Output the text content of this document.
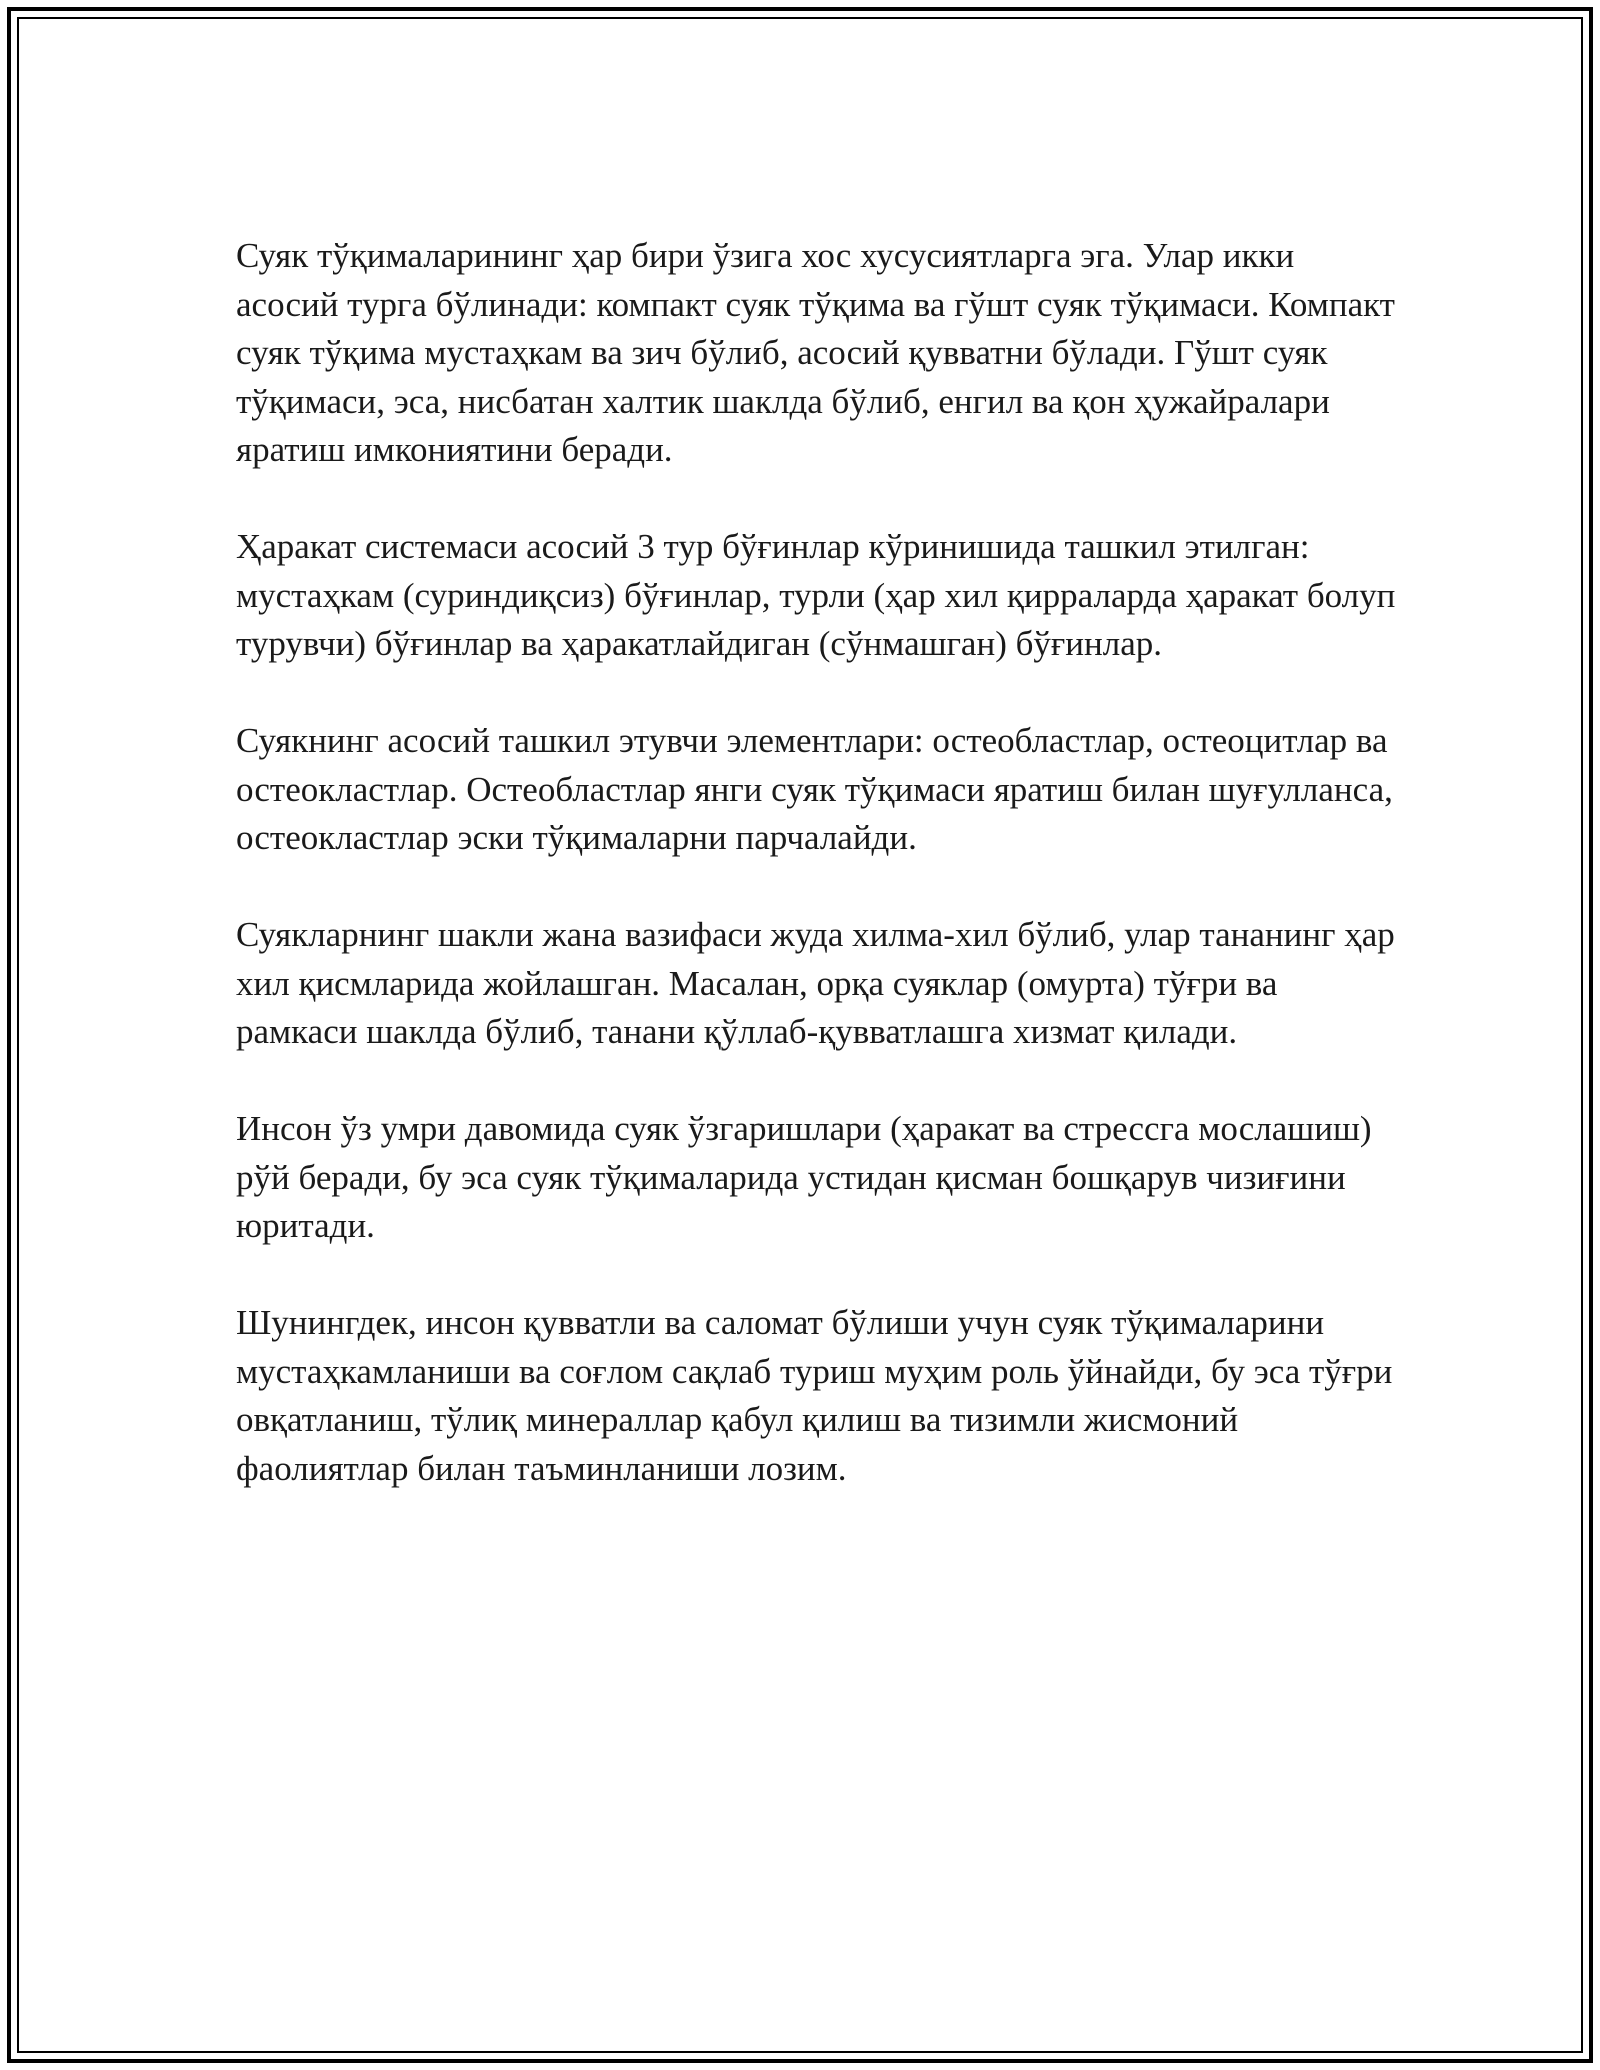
Суяк тўқималарининг ҳар бири ўзига хос хусусиятларга эга. Улар икки асосий турга бўлинади: компакт суяк тўқима ва гўшт суяк тўқимаси. Компакт суяк тўқима мустаҳкам ва зич бўлиб, асосий қувватни бўлади. Гўшт суяк тўқимаси, эса, нисбатан халтик шаклда бўлиб, енгил ва қон ҳужайралари яратиш имкониятини беради.

Ҳаракат системаси асосий 3 тур бўғинлар кўринишида ташкил этилган: мустаҳкам (суриндиқсиз) бўғинлар, турли (ҳар хил қирраларда ҳаракат болуп турувчи) бўғинлар ва ҳаракатлайдиган (сўнмашган) бўғинлар.

Суякнинг асосий ташкил этувчи элементлари: остеобластлар, остеоцитлар ва остеокластлар. Остеобластлар янги суяк тўқимаси яратиш билан шуғулланса, остеокластлар эски тўқималарни парчалайди.

Суякларнинг шакли жана вазифаси жуда хилма-хил бўлиб, улар тананинг ҳар хил қисмларида жойлашган. Масалан, орқа суяклар (омурта) тўғри ва рамкаси шаклда бўлиб, танани қўллаб-қувватлашга хизмат қилади.

Инсон ўз умри давомида суяк ўзгаришлари (ҳаракат ва стрессга мослашиш) рўй беради, бу эса суяк тўқималарида устидан қисман бошқарув чизиғини юритади.

Шунингдек, инсон қувватли ва саломат бўлиши учун суяк тўқималарини мустаҳкамланиши ва соғлом сақлаб туриш муҳим роль ўйнайди, бу эса тўғри овқатланиш, тўлиқ минераллар қабул қилиш ва тизимли жисмоний фаолиятлар билан таъминланиши лозим.
